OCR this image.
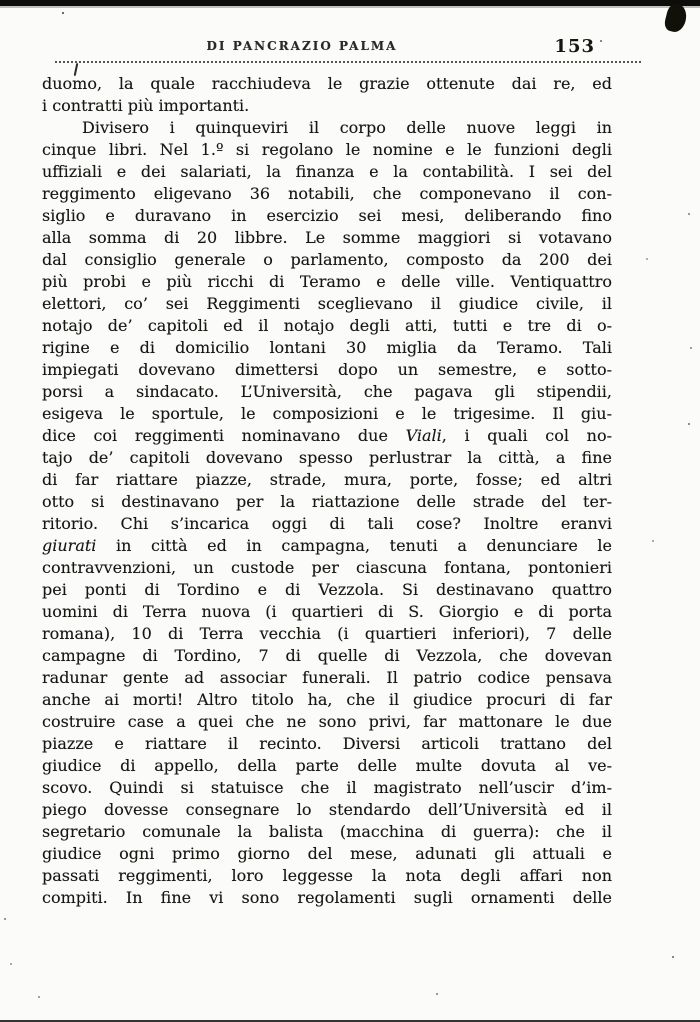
DI PANCRAZIO PALMA	153
duomo, la quale racchiudeva le grazie ottenute dai re, ed
i contratti più importanti.
Divisero i quinqueviri il corpo delle nuove leggi in
cinque libri. Nel 1.º si regolano le nomine e le funzioni degli
uffiziali e dei salariati, la finanza e la contabilità. I sei del
reggimento eligevano 36 notabili, che componevano il con-
siglio e duravano in esercizio sei mesi, deliberando fino
alla somma di 20 libbre. Le somme maggiori si votavano
dal consiglio generale o parlamento, composto da 200 dei
più probi e più ricchi di Teramo e delle ville. Ventiquattro
elettori, co’ sei Reggimenti sceglievano il giudice civile, il
notajo de’ capitoli ed il notajo degli atti, tutti e tre di o-
rigine e di domicilio lontani 30 miglia da Teramo. Tali
impiegati dovevano dimettersi dopo un semestre, e sotto-
porsi a sindacato. L’Università, che pagava gli stipendii,
esigeva le sportule, le composizioni e le trigesime. Il giu-
dice coi reggimenti nominavano due Viali, i quali col no-
tajo de’ capitoli dovevano spesso perlustrar la città, a fine
di far riattare piazze, strade, mura, porte, fosse; ed altri
otto si destinavano per la riattazione delle strade del ter-
ritorio. Chi s’incarica oggi di tali cose? Inoltre eranvi
giurati in città ed in campagna, tenuti a denunciare le
contravvenzioni, un custode per ciascuna fontana, pontonieri
pei ponti di Tordino e di Vezzola. Si destinavano quattro
uomini di Terra nuova (i quartieri di S. Giorgio e di porta
romana), 10 di Terra vecchia (i quartieri inferiori), 7 delle
campagne di Tordino, 7 di quelle di Vezzola, che dovevan
radunar gente ad associar funerali. Il patrio codice pensava
anche ai morti! Altro titolo ha, che il giudice procuri di far
costruire case a quei che ne sono privi, far mattonare le due
piazze e riattare il recinto. Diversi articoli trattano del
giudice di appello, della parte delle multe dovuta al ve-
scovo. Quindi si statuisce che il magistrato nell’uscir d’im-
piego dovesse consegnare lo stendardo dell’Università ed il
segretario comunale la balista (macchina di guerra): che il
giudice ogni primo giorno del mese, adunati gli attuali e
passati reggimenti, loro leggesse la nota degli affari non
compiti. In fine vi sono regolamenti sugli ornamenti delle
